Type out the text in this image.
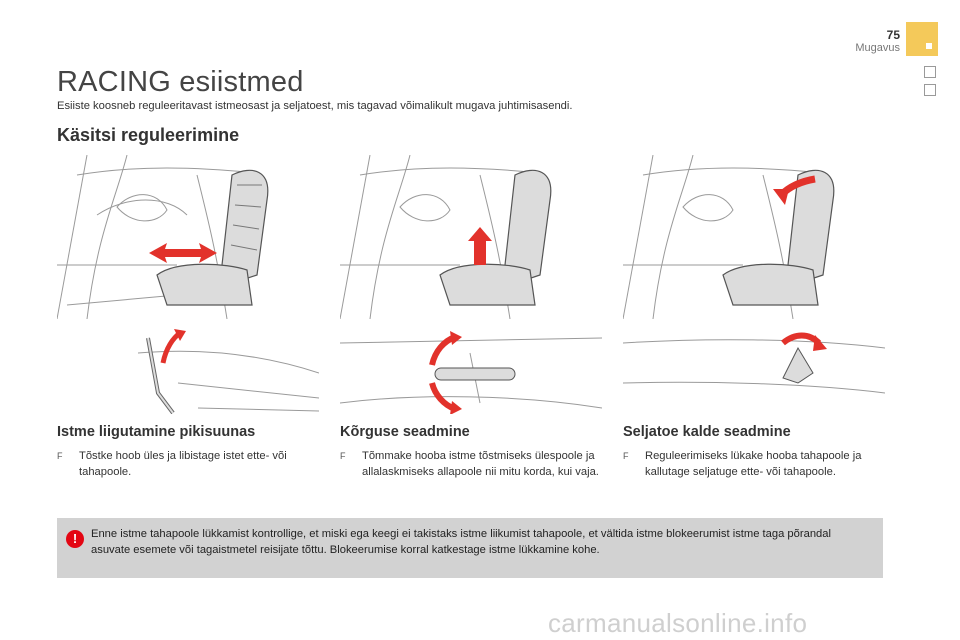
75
Mugavus
RACING esiistmed
Esiiste koosneb reguleeritavast istmeosast ja seljatoest, mis tagavad võimalikult mugava juhtimisasendi.
Käsitsi reguleerimine
Istme liigutamine pikisuunas
F Tõstke hoob üles ja libistage istet ette- või tahapoole.
Kõrguse seadmine
F Tõmmake hooba istme tõstmiseks ülespoole ja allalaskmiseks allapoole nii mitu korda, kui vaja.
Seljatoe kalde seadmine
F Reguleerimiseks lükake hooba tahapoole ja kallutage seljatuge ette- või tahapoole.
!	Enne istme tahapoole lükkamist kontrollige, et miski ega keegi ei takistaks istme liikumist tahapoole, et vältida istme blokeerumist istme taga põrandal asuvate esemete või tagaistmetel reisijate tõttu. Blokeerumise korral katkestage istme lükkamine kohe.
carmanualsonline.info
